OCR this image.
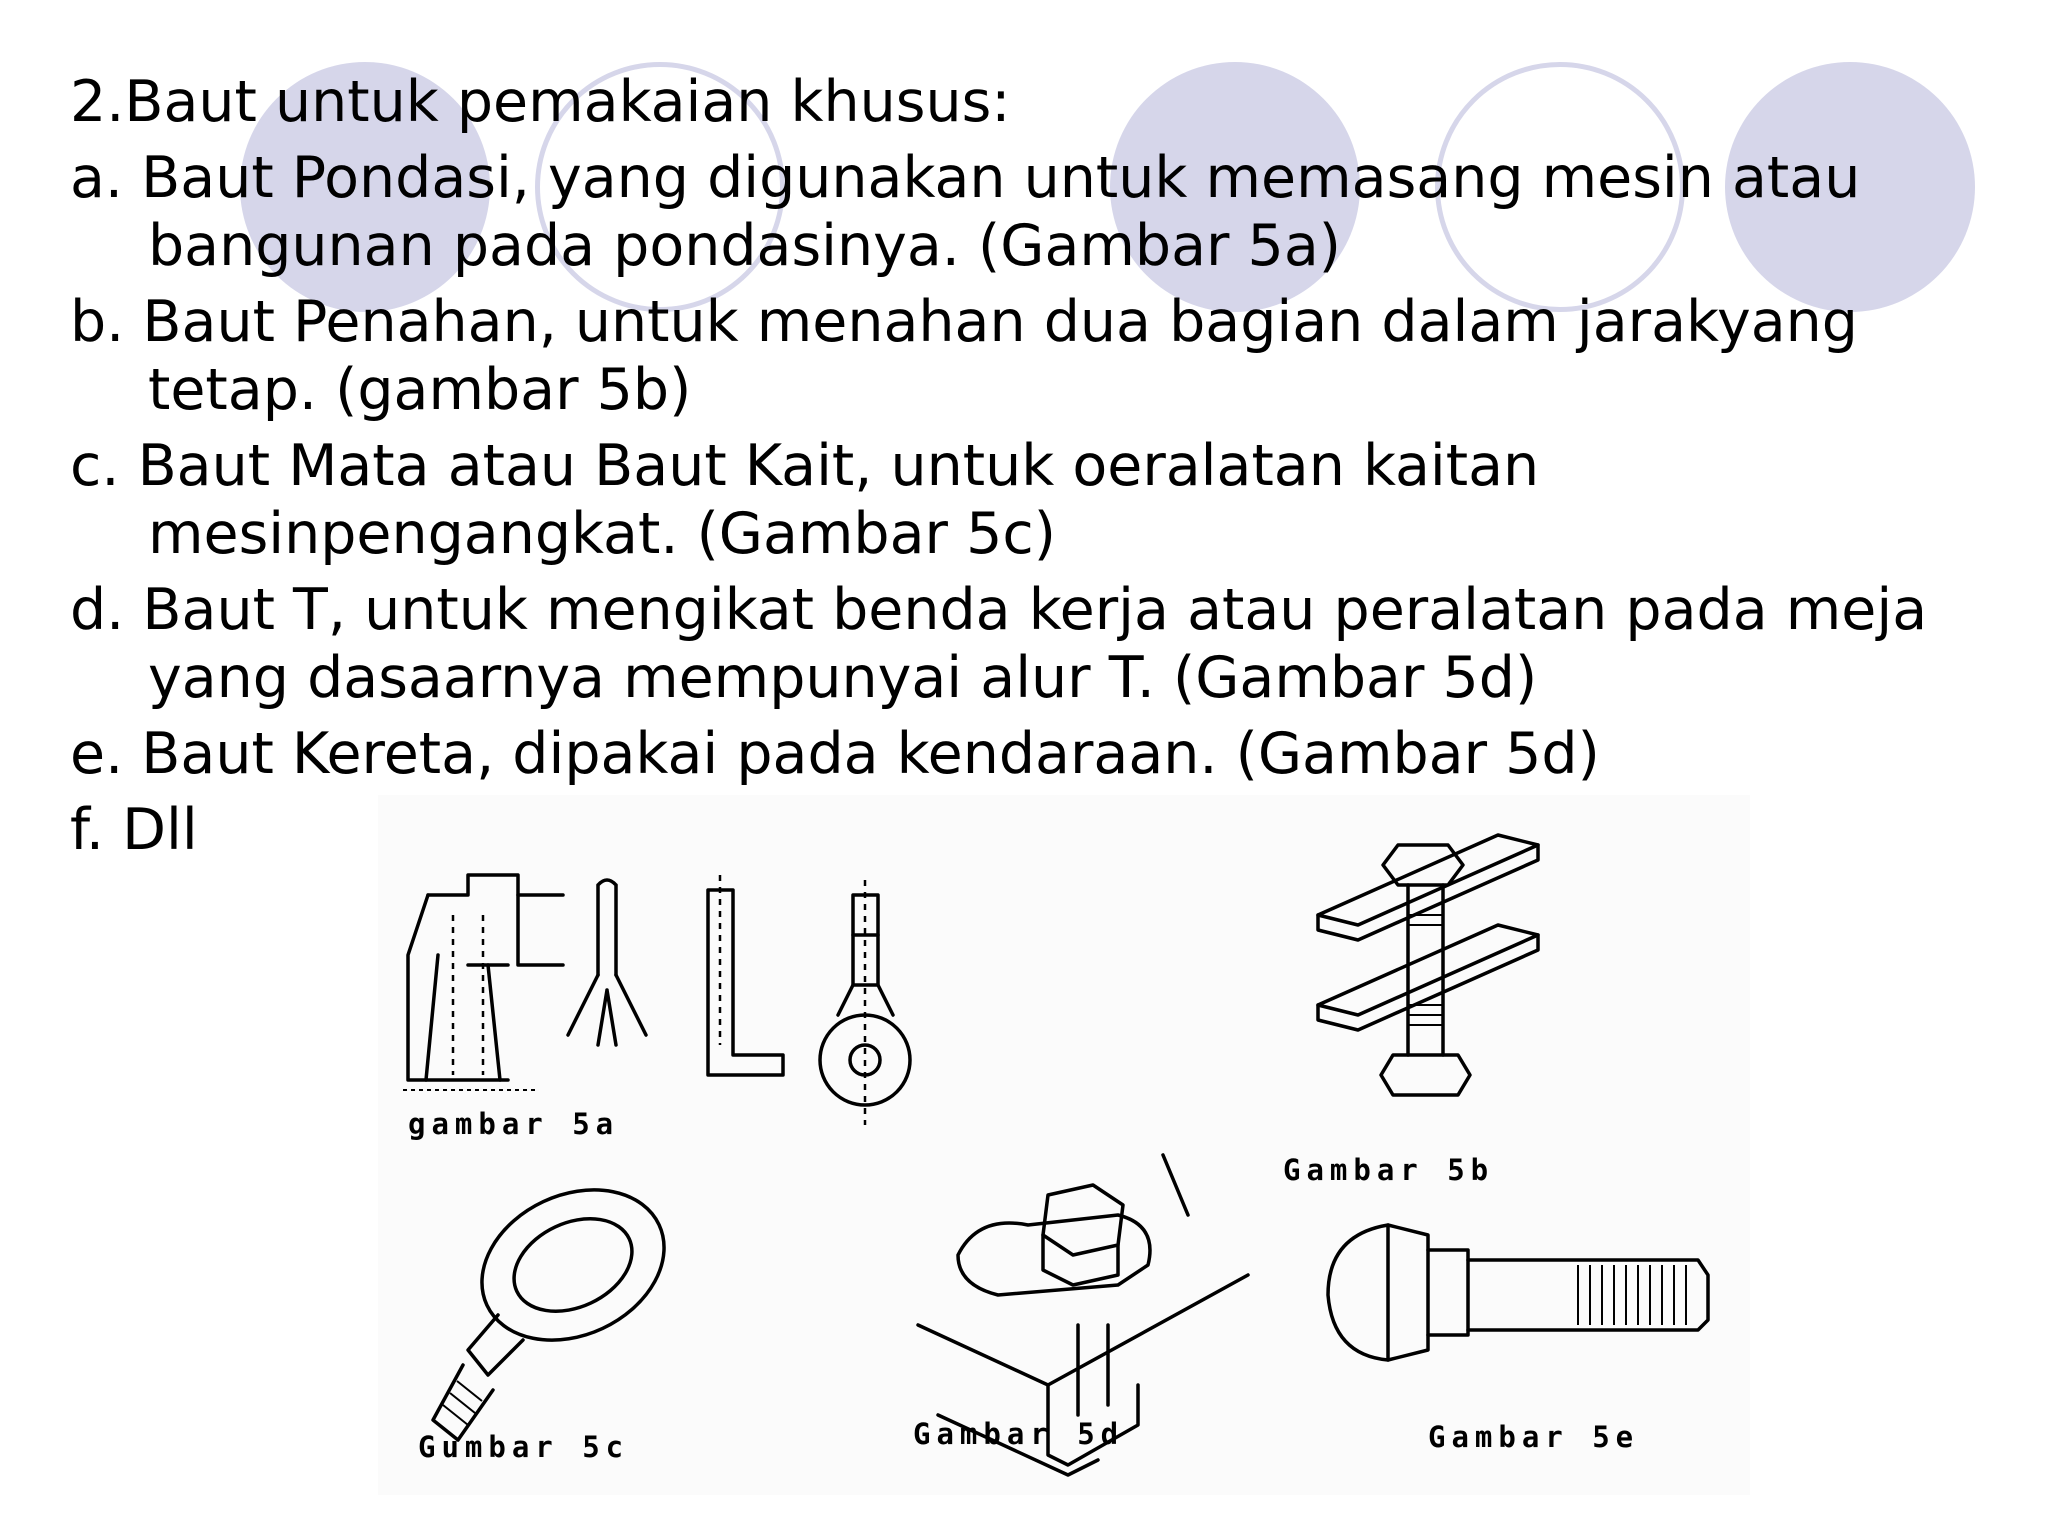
2.Baut untuk pemakaian khusus:

a. Baut Pondasi, yang digunakan untuk memasang mesin atau bangunan pada pondasinya. (Gambar 5a)

b. Baut Penahan, untuk menahan dua bagian dalam jarakyang tetap. (gambar 5b)

c. Baut Mata atau Baut Kait, untuk oeralatan kaitan mesinpengangkat. (Gambar 5c)

d. Baut T, untuk mengikat benda kerja atau peralatan pada meja yang dasaarnya mempunyai alur T. (Gambar 5d)

e. Baut Kereta, dipakai pada kendaraan. (Gambar 5d)

f. Dll

gambar 5a
Gambar 5b
Gumbar 5c	Gambar 5d	Gambar 5e
